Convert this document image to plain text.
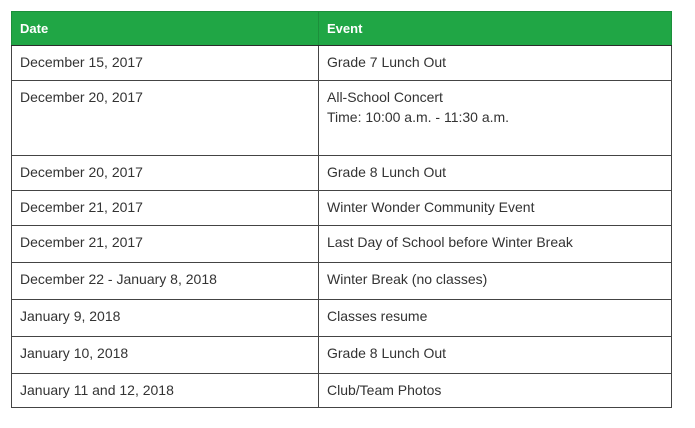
Date	Event
December 15, 2017	Grade 7 Lunch Out

December 20, 2017	All-School Concert
Time: 10:00 a.m. - 11:30 a.m.

December 20, 2017	Grade 8 Lunch Out

December 21, 2017	Winter Wonder Community Event

December 21, 2017	Last Day of School before Winter Break

December 22 - January 8, 2018	Winter Break (no classes)

January 9, 2018	Classes resume

January 10, 2018	Grade 8 Lunch Out

January 11 and 12, 2018	Club/Team Photos
